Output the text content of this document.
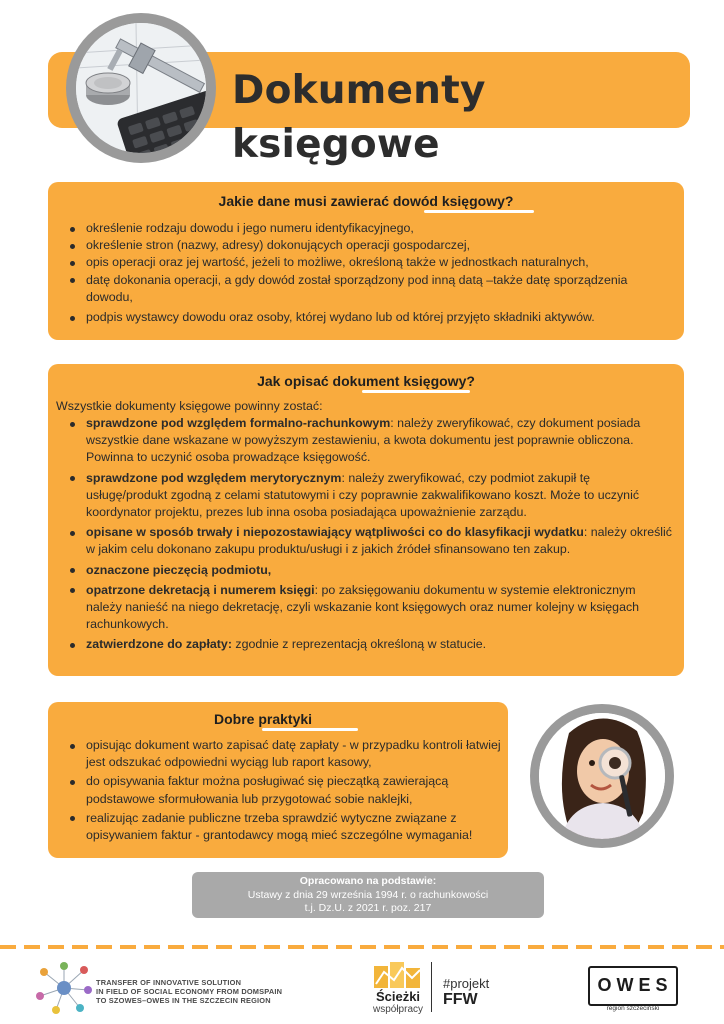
Dokumenty księgowe
Jakie dane musi zawierać dowód księgowy?
określenie rodzaju dowodu i jego numeru identyfikacyjnego,
określenie stron (nazwy, adresy) dokonujących operacji gospodarczej,
opis operacji oraz jej wartość, jeżeli to możliwe, określoną także w jednostkach naturalnych,
datę dokonania operacji, a gdy dowód został sporządzony pod inną datą –także datę sporządzenia dowodu,
podpis wystawcy dowodu oraz osoby, której wydano lub od której przyjęto składniki aktywów.
Jak opisać dokument księgowy?
Wszystkie dokumenty księgowe powinny zostać:
sprawdzone pod względem formalno-rachunkowym: należy zweryfikować, czy dokument posiada wszystkie dane wskazane w powyższym zestawieniu, a kwota dokumentu jest poprawnie obliczona. Powinna to uczynić osoba prowadzące księgowość.
sprawdzone pod względem merytorycznym: należy zweryfikować, czy podmiot zakupił tę usługę/produkt zgodną z celami statutowymi i czy poprawnie zakwalifikowano koszt. Może to uczynić koordynator projektu, prezes lub inna osoba posiadająca upoważnienie zarządu.
opisane w sposób trwały i niepozostawiający wątpliwości co do klasyfikacji wydatku: należy określić w jakim celu dokonano zakupu produktu/usługi i z jakich źródeł sfinansowano ten zakup.
oznaczone pieczęcią podmiotu,
opatrzone dekretacją i numerem księgi: po zaksięgowaniu dokumentu w systemie elektronicznym należy nanieść na niego dekretację, czyli wskazanie kont księgowych oraz numer kolejny w księgach rachunkowych.
zatwierdzone do zapłaty: zgodnie z reprezentacją określoną w statucie.
Dobre praktyki
opisując dokument warto zapisać datę zapłaty - w przypadku kontroli łatwiej jest odszukać odpowiedni wyciąg lub raport kasowy,
do opisywania faktur można posługiwać się pieczątką zawierającą podstawowe sformułowania lub przygotować sobie naklejki,
realizując zadanie publiczne trzeba sprawdzić wytyczne związane z opisywaniem faktur - grantodawcy mogą mieć szczególne wymagania!
Opracowano na podstawie:
Ustawy z dnia 29 września 1994 r. o rachunkowości
t.j. Dz.U. z 2021 r. poz. 217
TRANSFER OF INNOVATIVE SOLUTION
IN FIELD OF SOCIAL ECONOMY FROM DOMSPAIN
TO SZOWES–OWES IN THE SZCZECIN REGION	Ścieżki
współpracy
#projekt
FFW
OWES
region szczeciński
